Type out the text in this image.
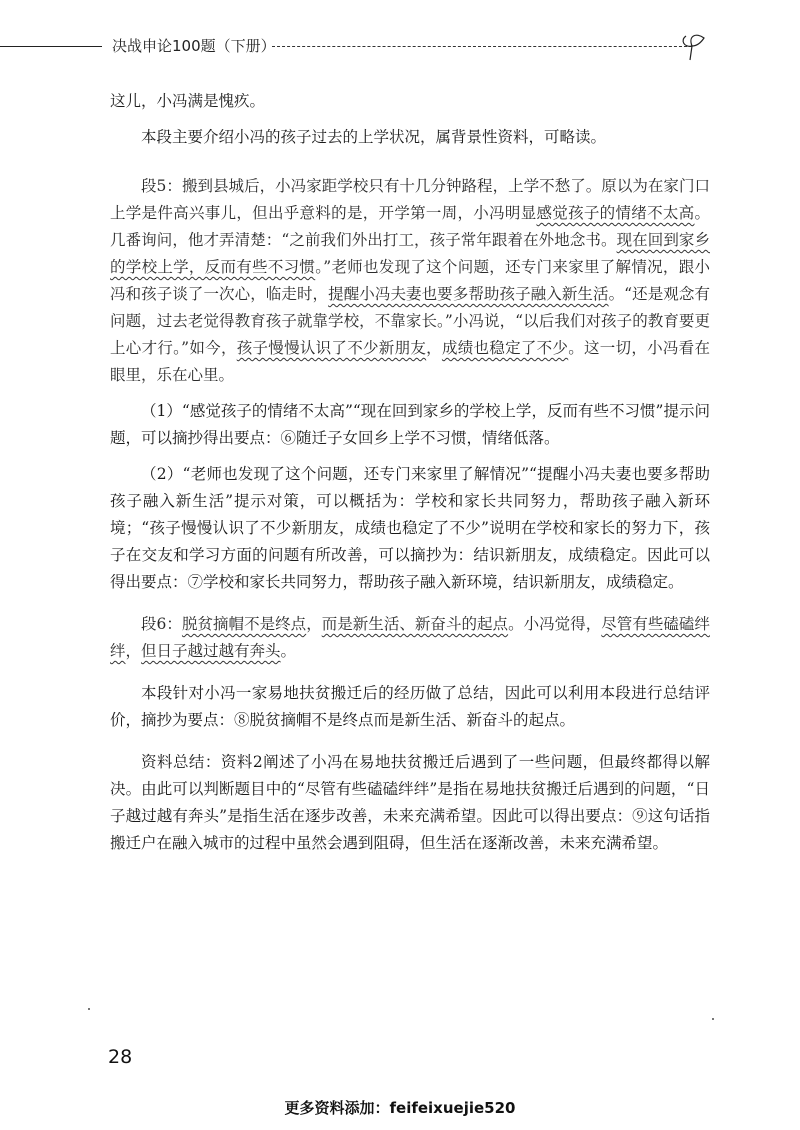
决战申论100题（下册）

这儿，小冯满是愧疚。

本段主要介绍小冯的孩子过去的上学状况，属背景性资料，可略读。

段5：搬到县城后，小冯家距学校只有十几分钟路程，上学不愁了。原以为在家门口上学是件高兴事儿，但出乎意料的是，开学第一周，小冯明显感觉孩子的情绪不太高。几番询问，他才弄清楚：“之前我们外出打工，孩子常年跟着在外地念书。现在回到家乡的学校上学，反而有些不习惯。”老师也发现了这个问题，还专门来家里了解情况，跟小冯和孩子谈了一次心，临走时，提醒小冯夫妻也要多帮助孩子融入新生活。“还是观念有问题，过去老觉得教育孩子就靠学校，不靠家长。”小冯说，“以后我们对孩子的教育要更上心才行。”如今，孩子慢慢认识了不少新朋友，成绩也稳定了不少。这一切，小冯看在眼里，乐在心里。

（1）“感觉孩子的情绪不太高”“现在回到家乡的学校上学，反而有些不习惯”提示问题，可以摘抄得出要点：⑥随迁子女回乡上学不习惯，情绪低落。

（2）“老师也发现了这个问题，还专门来家里了解情况”“提醒小冯夫妻也要多帮助孩子融入新生活”提示对策，可以概括为：学校和家长共同努力，帮助孩子融入新环境；“孩子慢慢认识了不少新朋友，成绩也稳定了不少”说明在学校和家长的努力下，孩子在交友和学习方面的问题有所改善，可以摘抄为：结识新朋友，成绩稳定。因此可以得出要点：⑦学校和家长共同努力，帮助孩子融入新环境，结识新朋友，成绩稳定。

段6：脱贫摘帽不是终点，而是新生活、新奋斗的起点。小冯觉得，尽管有些磕磕绊绊，但日子越过越有奔头。

本段针对小冯一家易地扶贫搬迁后的经历做了总结，因此可以利用本段进行总结评价，摘抄为要点：⑧脱贫摘帽不是终点而是新生活、新奋斗的起点。

资料总结：资料2阐述了小冯在易地扶贫搬迁后遇到了一些问题，但最终都得以解决。由此可以判断题目中的“尽管有些磕磕绊绊”是指在易地扶贫搬迁后遇到的问题，“日子越过越有奔头”是指生活在逐步改善，未来充满希望。因此可以得出要点：⑨这句话指搬迁户在融入城市的过程中虽然会遇到阻碍，但生活在逐渐改善，未来充满希望。

28
更多资料添加：feifeixuejie520
